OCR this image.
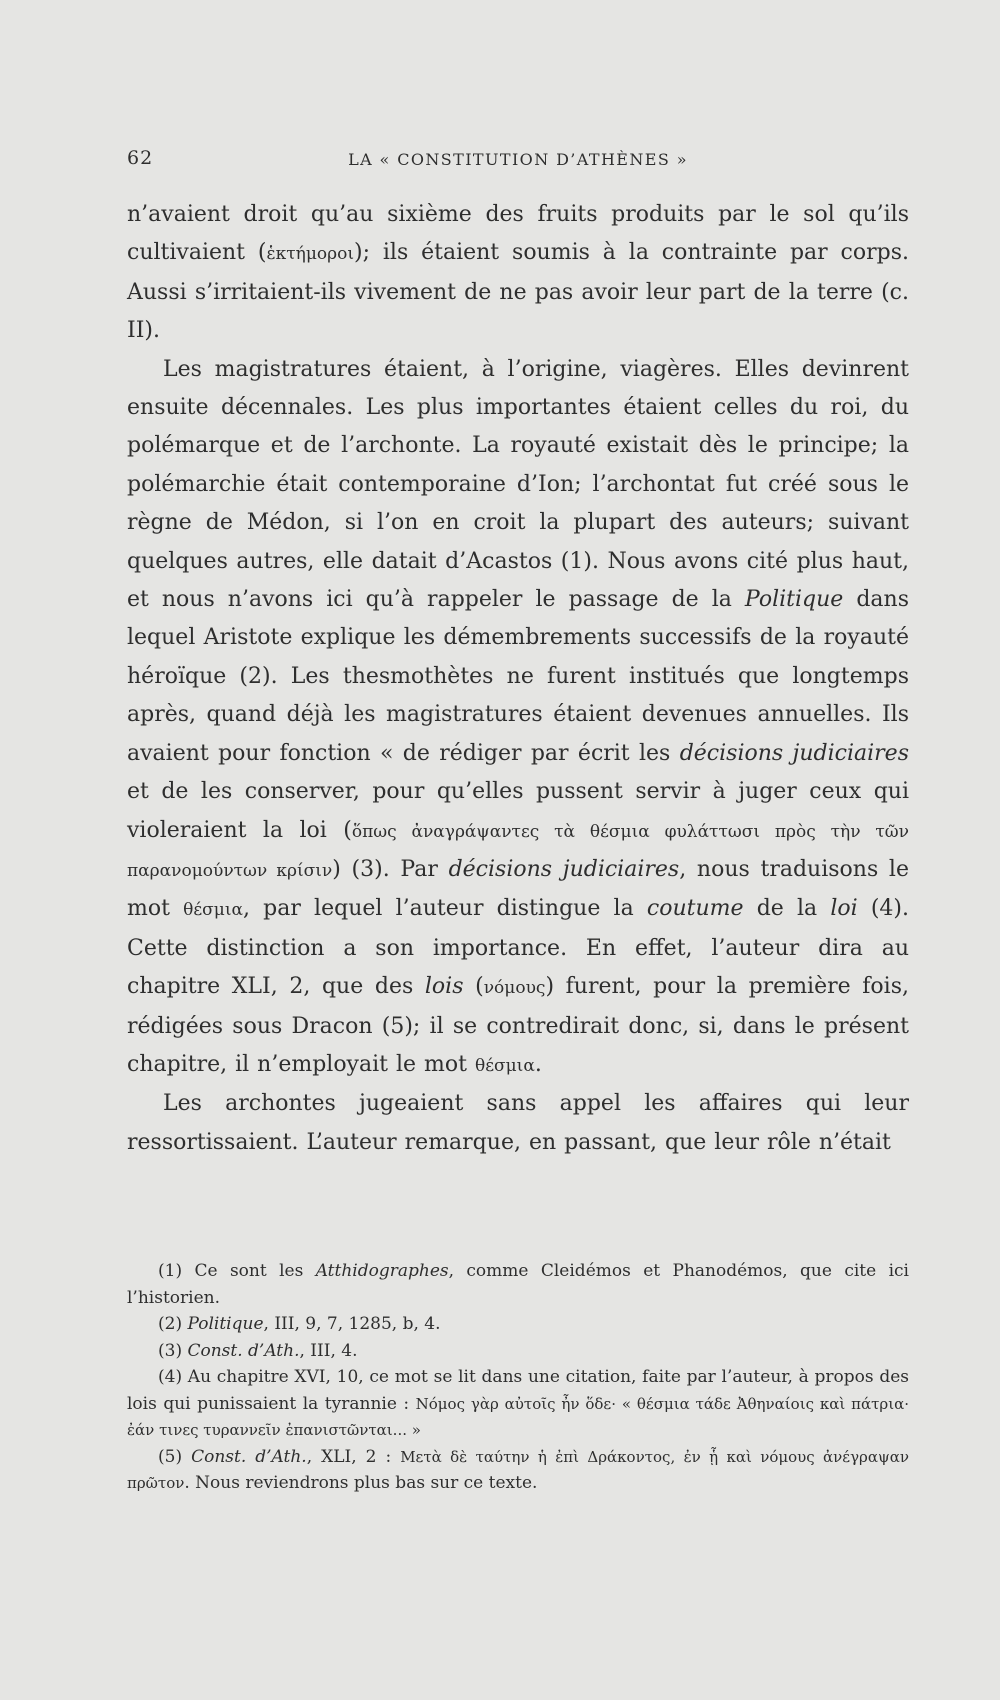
62	LA « CONSTITUTION D’ATHÈNES »

n’avaient droit qu’au sixième des fruits produits par le sol qu’ils cultivaient (ἑκτήμοροι); ils étaient soumis à la contrainte par corps. Aussi s’irritaient-ils vivement de ne pas avoir leur part de la terre (c. II).

Les magistratures étaient, à l’origine, viagères. Elles devinrent ensuite décennales. Les plus importantes étaient celles du roi, du polémarque et de l’archonte. La royauté existait dès le principe; la polémarchie était contemporaine d’Ion; l’archontat fut créé sous le règne de Médon, si l’on en croit la plupart des auteurs; suivant quelques autres, elle datait d’Acastos (1). Nous avons cité plus haut, et nous n’avons ici qu’à rappeler le passage de la Politique dans lequel Aristote explique les démembrements successifs de la royauté héroïque (2). Les thesmothètes ne furent institués que longtemps après, quand déjà les magistratures étaient devenues annuelles. Ils avaient pour fonction « de rédiger par écrit les décisions judiciaires et de les conserver, pour qu’elles pussent servir à juger ceux qui violeraient la loi (ὅπως ἀναγράψαντες τὰ θέσμια φυλάττωσι πρὸς τὴν τῶν παρανομούντων κρίσιν) (3). Par décisions judiciaires, nous traduisons le mot θέσμια, par lequel l’auteur distingue la coutume de la loi (4). Cette distinction a son importance. En effet, l’auteur dira au chapitre XLI, 2, que des lois (νόμους) furent, pour la première fois, rédigées sous Dracon (5); il se contredirait donc, si, dans le présent chapitre, il n’employait le mot θέσμια.

Les archontes jugeaient sans appel les affaires qui leur ressortissaient. L’auteur remarque, en passant, que leur rôle n’était

(1) Ce sont les Atthidographes, comme Cleidémos et Phanodémos, que cite ici l’historien.

(2) Politique, III, 9, 7, 1285, b, 4.

(3) Const. d’Ath., III, 4.

(4) Au chapitre XVI, 10, ce mot se lit dans une citation, faite par l’auteur, à propos des lois qui punissaient la tyrannie : Νόμος γὰρ αὐτοῖς ἦν ὅδε· « θέσμια τάδε Ἀθηναίοις καὶ πάτρια· ἐάν τινες τυραννεῖν ἐπανιστῶνται... »

(5) Const. d’Ath., XLI, 2 : Μετὰ δὲ ταύτην ἡ ἐπὶ Δράκοντος, ἐν ᾗ καὶ νόμους ἀνέγραψαν πρῶτον. Nous reviendrons plus bas sur ce texte.
